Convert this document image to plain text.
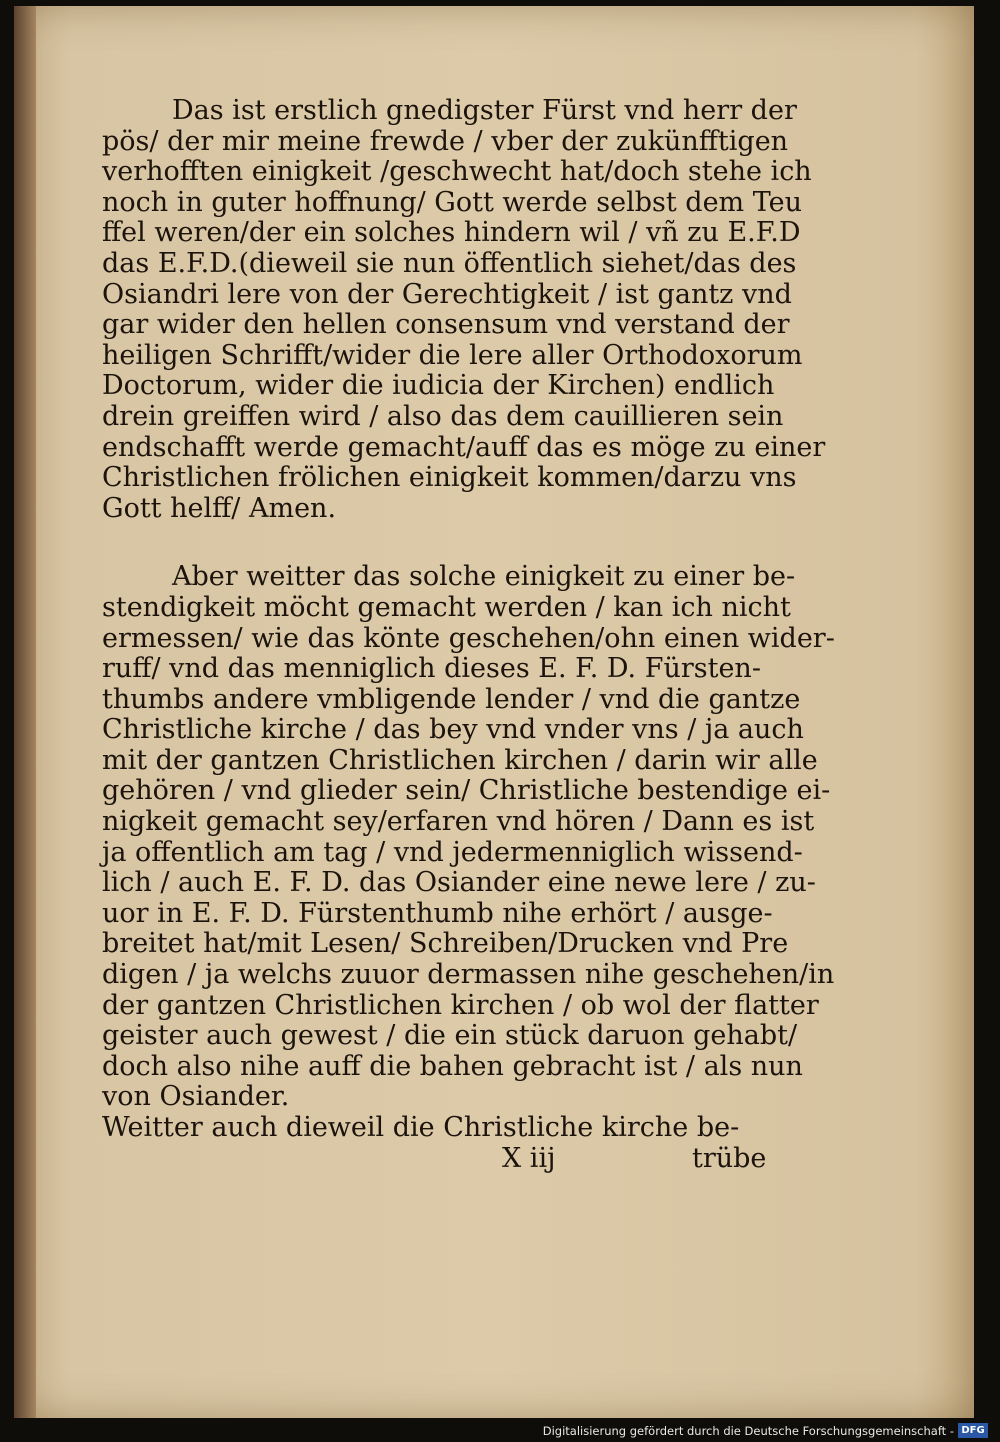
Das ist erstlich gnedigster Fürst vnd herr der
pös/ der mir meine frewde / vber der zukünfftigen
verhofften einigkeit /geschwecht hat/doch stehe ich
noch in guter hoffnung/ Gott werde selbst dem Teu
ffel weren/der ein solches hindern wil / vñ zu E.F.D
das E.F.D.(dieweil sie nun öffentlich siehet/das des
Osiandri lere von der Gerechtigkeit / ist gantz vnd
gar wider den hellen consensum vnd verstand der
heiligen Schrifft/wider die lere aller Orthodoxorum
Doctorum, wider die iudicia der Kirchen) endlich
drein greiffen wird / also das dem cauillieren sein
endschafft werde gemacht/auff das es möge zu einer
Christlichen frölichen einigkeit kommen/darzu vns
Gott helff/ Amen.
Aber weitter das solche einigkeit zu einer be-
stendigkeit möcht gemacht werden / kan ich nicht
ermessen/ wie das könte geschehen/ohn einen wider-
ruff/ vnd das menniglich dieses E. F. D. Fürsten-
thumbs andere vmbligende lender / vnd die gantze
Christliche kirche / das bey vnd vnder vns / ja auch
mit der gantzen Christlichen kirchen / darin wir alle
gehören / vnd glieder sein/ Christliche bestendige ei-
nigkeit gemacht sey/erfaren vnd hören / Dann es ist
ja offentlich am tag / vnd jedermenniglich wissend-
lich / auch E. F. D. das Osiander eine newe lere / zu-
uor in E. F. D. Fürstenthumb nihe erhört / ausge-
breitet hat/mit Lesen/ Schreiben/Drucken vnd Pre
digen / ja welchs zuuor dermassen nihe geschehen/in
der gantzen Christlichen kirchen / ob wol der flatter
geister auch gewest / die ein stück daruon gehabt/
doch also nihe auff die bahen gebracht ist / als nun
von Osiander.
Weitter auch dieweil die Christliche kirche be-
X iij	trübe
Digitalisierung gefördert durch die Deutsche Forschungsgemeinschaft - DFG
